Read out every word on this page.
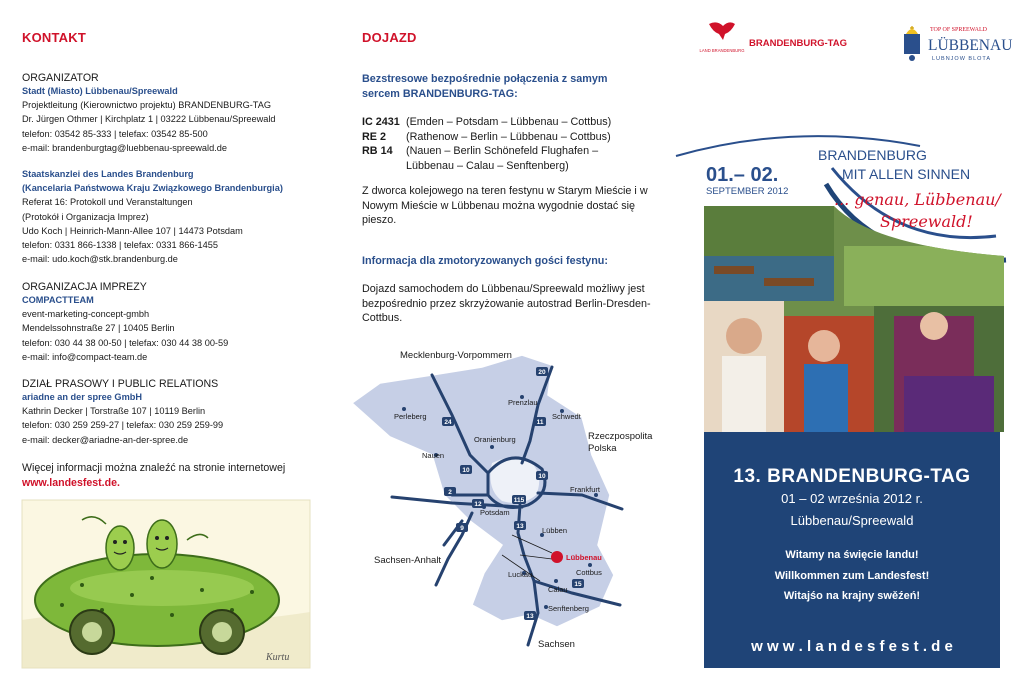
KONTAKT

ORGANIZATOR

Stadt (Miasto) Lübbenau/Spreewald

Projektleitung (Kierownictwo projektu) BRANDENBURG-TAG

Dr. Jürgen Othmer | Kirchplatz 1 | 03222 Lübbenau/Spreewald

telefon: 03542 85-333 | telefax: 03542 85-500

e-mail: brandenburgtag@luebbenau-spreewald.de

Staatskanzlei des Landes Brandenburg

(Kancelaria Państwowa Kraju Związkowego Brandenburgia)

Referat 16: Protokoll und Veranstaltungen

(Protokół i Organizacja Imprez)

Udo Koch | Heinrich-Mann-Allee 107 | 14473 Potsdam

telefon: 0331 866-1338 | telefax: 0331 866-1455

e-mail: udo.koch@stk.brandenburg.de

ORGANIZACJA IMPREZY

COMPACTTEAM

event-marketing-concept-gmbh

Mendelssohnstraße 27 | 10405 Berlin

telefon: 030 44 38 00-50 | telefax: 030 44 38 00-59

e-mail: info@compact-team.de

DZIAŁ PRASOWY I PUBLIC RELATIONS

ariadne an der spree GmbH

Kathrin Decker | Torstraße 107 | 10119 Berlin

telefon: 030 259 259-27 | telefax: 030 259 259-99

e-mail: decker@ariadne-an-der-spree.de

Więcej informacji można znaleźć na stronie internetowej

www.landesfest.de.

Kurtu

DOJAZD

Bezstresowe bezpośrednie połączenia z samym sercem BRANDENBURG-TAG:

IC 2431 (Emden – Potsdam – Lübbenau – Cottbus)
RE 2	(Rathenow – Berlin – Lübbenau – Cottbus)
RB 14	(Nauen – Berlin Schönefeld Flughafen – Lübbenau – Calau – Senftenberg)

Z dworca kolejowego na teren festynu w Starym Mieście i w Nowym Mieście w Lübbenau można wygodnie dostać się pieszo.

Informacja dla zmotoryzowanych gości festynu:

Dojazd samochodem do Lübbenau/Spreewald możliwy jest bezpośrednio przez skrzyżowanie autostrad Berlin-Dresden-Cottbus.

20
24	11
10
10
2
115
12
9	13
15
13
Prenzlau
Perleberg	Schwedt
Oranienburg
Nauen
Frankfurt
Potsdam
Lübben
Lübbenau
Luckau	Cottbus
Calau
Senftenberg
Mecklenburg-Vorpommern
Rzeczpospolita Polska
Sachsen-Anhalt
Sachsen
LAND BRANDENBURG
BRANDENBURG-TAG
TOP OF SPREEWALD
LÜBBENAU
LUBNJOW BLOTA
01.– 02.
SEPTEMBER 2012
BRANDENBURG
MIT ALLEN SINNEN
... genau, Lübbenau/
Spreewald!
13. BRANDENBURG-TAG
01 – 02 września 2012 r.
Lübbenau/Spreewald
Witamy na święcie landu!
Willkommen zum Landesfest!
Witajśo na krajny swěźeń!
w w w . l a n d e s f e s t . d e
